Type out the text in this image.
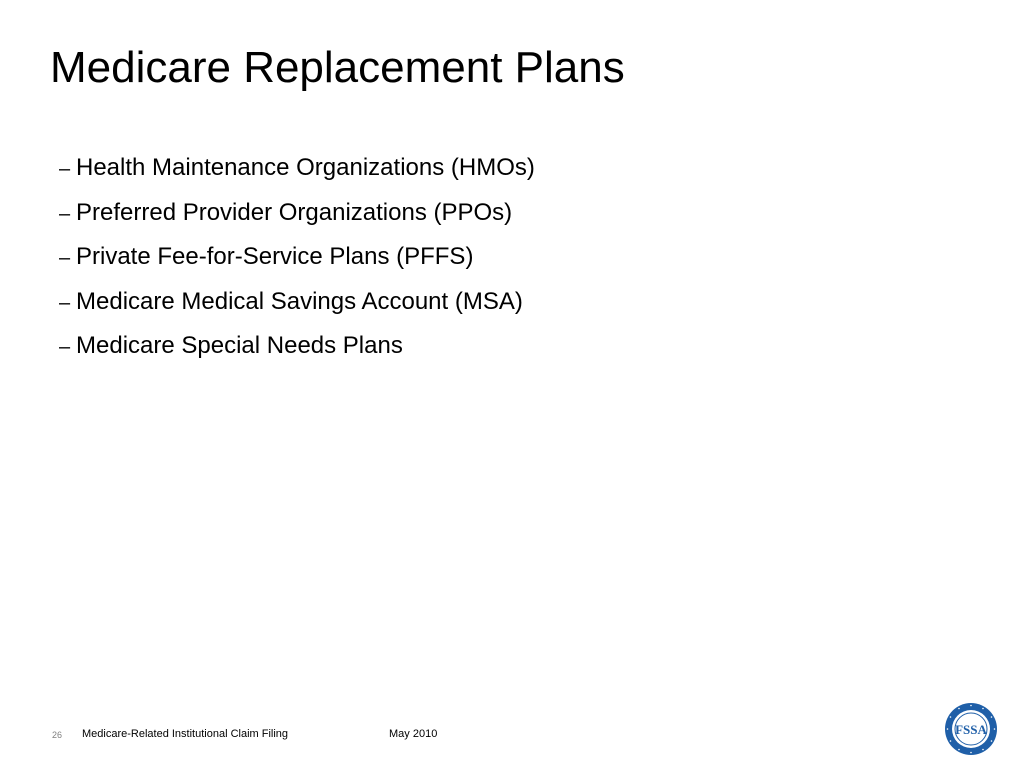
Medicare Replacement Plans
– Health Maintenance Organizations (HMOs)
– Preferred Provider Organizations (PPOs)
– Private Fee-for-Service Plans (PFFS)
– Medicare Medical Savings Account (MSA)
– Medicare Special Needs Plans
26 Medicare-Related Institutional Claim Filing	May 2010	FSSA
